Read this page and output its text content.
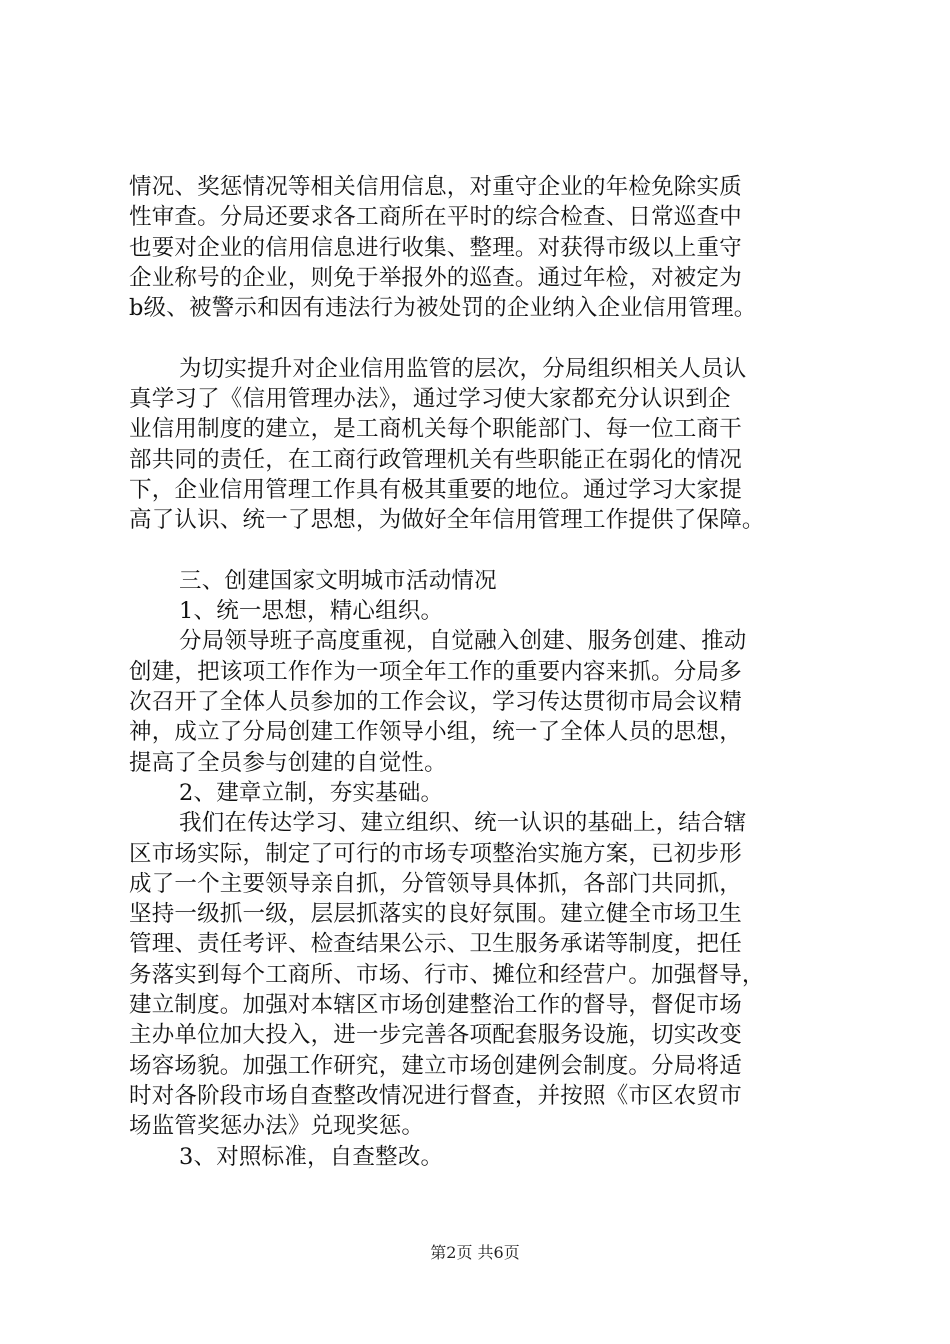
情况、奖惩情况等相关信用信息，对重守企业的年检免除实质
性审查。分局还要求各工商所在平时的综合检查、日常巡查中
也要对企业的信用信息进行收集、整理。对获得市级以上重守
企业称号的企业，则免于举报外的巡查。通过年检，对被定为
b级、被警示和因有违法行为被处罚的企业纳入企业信用管理。
为切实提升对企业信用监管的层次，分局组织相关人员认
真学习了《信用管理办法》，通过学习使大家都充分认识到企
业信用制度的建立，是工商机关每个职能部门、每一位工商干
部共同的责任，在工商行政管理机关有些职能正在弱化的情况
下，企业信用管理工作具有极其重要的地位。通过学习大家提
高了认识、统一了思想，为做好全年信用管理工作提供了保障。
三、创建国家文明城市活动情况
1、统一思想，精心组织。
分局领导班子高度重视，自觉融入创建、服务创建、推动
创建，把该项工作作为一项全年工作的重要内容来抓。分局多
次召开了全体人员参加的工作会议，学习传达贯彻市局会议精
神，成立了分局创建工作领导小组，统一了全体人员的思想，
提高了全员参与创建的自觉性。
2、建章立制，夯实基础。
我们在传达学习、建立组织、统一认识的基础上，结合辖
区市场实际，制定了可行的市场专项整治实施方案，已初步形
成了一个主要领导亲自抓，分管领导具体抓，各部门共同抓，
坚持一级抓一级，层层抓落实的良好氛围。建立健全市场卫生
管理、责任考评、检查结果公示、卫生服务承诺等制度，把任
务落实到每个工商所、市场、行市、摊位和经营户。加强督导，
建立制度。加强对本辖区市场创建整治工作的督导，督促市场
主办单位加大投入，进一步完善各项配套服务设施，切实改变
场容场貌。加强工作研究，建立市场创建例会制度。分局将适
时对各阶段市场自查整改情况进行督查，并按照《市区农贸市
场监管奖惩办法》兑现奖惩。
3、对照标准，自查整改。
第2页 共6页
